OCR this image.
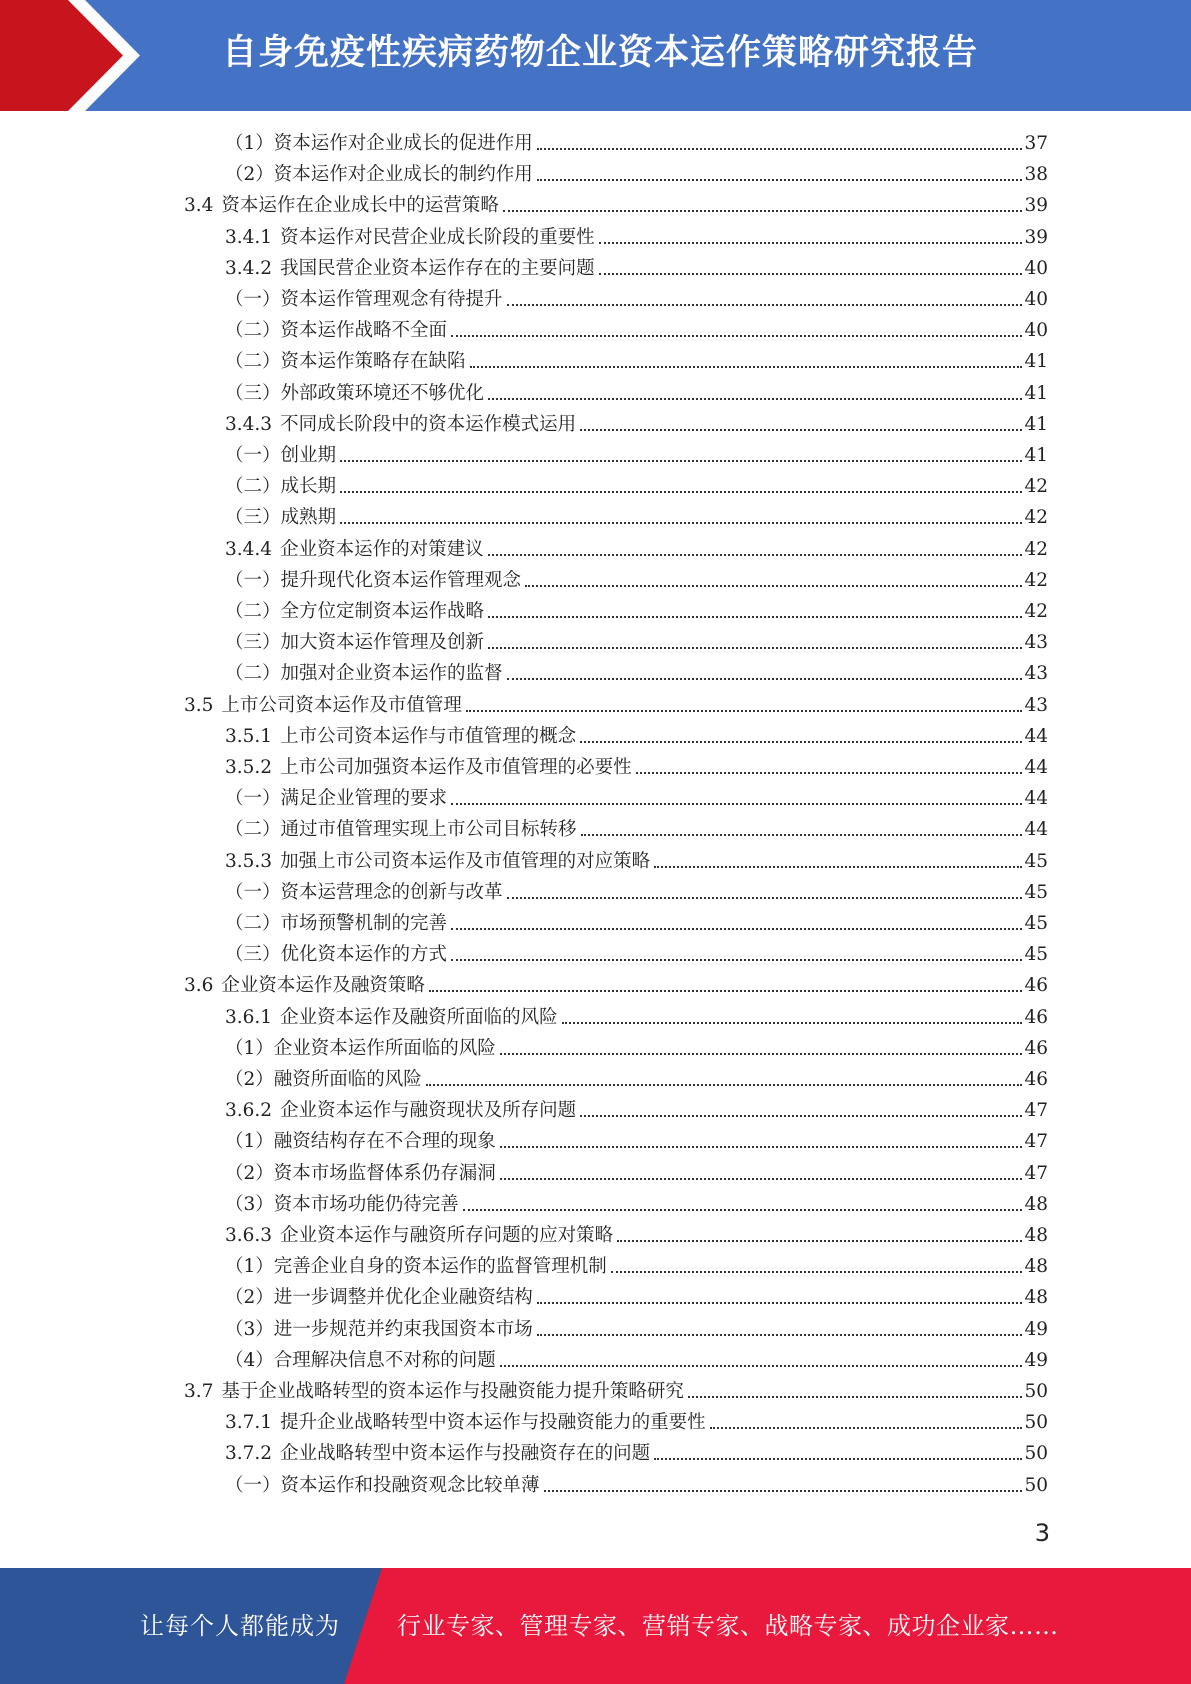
自身免疫性疾病药物企业资本运作策略研究报告
（1）资本运作对企业成长的促进作用	37
（2）资本运作对企业成长的制约作用	38
3.4 资本运作在企业成长中的运营策略	39
3.4.1 资本运作对民营企业成长阶段的重要性	39
3.4.2 我国民营企业资本运作存在的主要问题	40
（一）资本运作管理观念有待提升	40
（二）资本运作战略不全面	40
（二）资本运作策略存在缺陷	41
（三）外部政策环境还不够优化	41
3.4.3 不同成长阶段中的资本运作模式运用	41
（一）创业期	41
（二）成长期	42
（三）成熟期	42
3.4.4 企业资本运作的对策建议	42
（一）提升现代化资本运作管理观念	42
（二）全方位定制资本运作战略	42
（三）加大资本运作管理及创新	43
（二）加强对企业资本运作的监督	43
3.5 上市公司资本运作及市值管理	43
3.5.1 上市公司资本运作与市值管理的概念	44
3.5.2 上市公司加强资本运作及市值管理的必要性	44
（一）满足企业管理的要求	44
（二）通过市值管理实现上市公司目标转移	44
3.5.3 加强上市公司资本运作及市值管理的对应策略	45
（一）资本运营理念的创新与改革	45
（二）市场预警机制的完善	45
（三）优化资本运作的方式	45
3.6 企业资本运作及融资策略	46
3.6.1 企业资本运作及融资所面临的风险	46
（1）企业资本运作所面临的风险	46
（2）融资所面临的风险	46
3.6.2 企业资本运作与融资现状及所存问题	47
（1）融资结构存在不合理的现象	47
（2）资本市场监督体系仍存漏洞	47
（3）资本市场功能仍待完善	48
3.6.3 企业资本运作与融资所存问题的应对策略	48
（1）完善企业自身的资本运作的监督管理机制	48
（2）进一步调整并优化企业融资结构	48
（3）进一步规范并约束我国资本市场	49
（4）合理解决信息不对称的问题	49
3.7 基于企业战略转型的资本运作与投融资能力提升策略研究	50
3.7.1 提升企业战略转型中资本运作与投融资能力的重要性	50
3.7.2 企业战略转型中资本运作与投融资存在的问题	50
（一）资本运作和投融资观念比较单薄	50
3
让每个人都能成为 行业专家、管理专家、营销专家、战略专家、成功企业家……
